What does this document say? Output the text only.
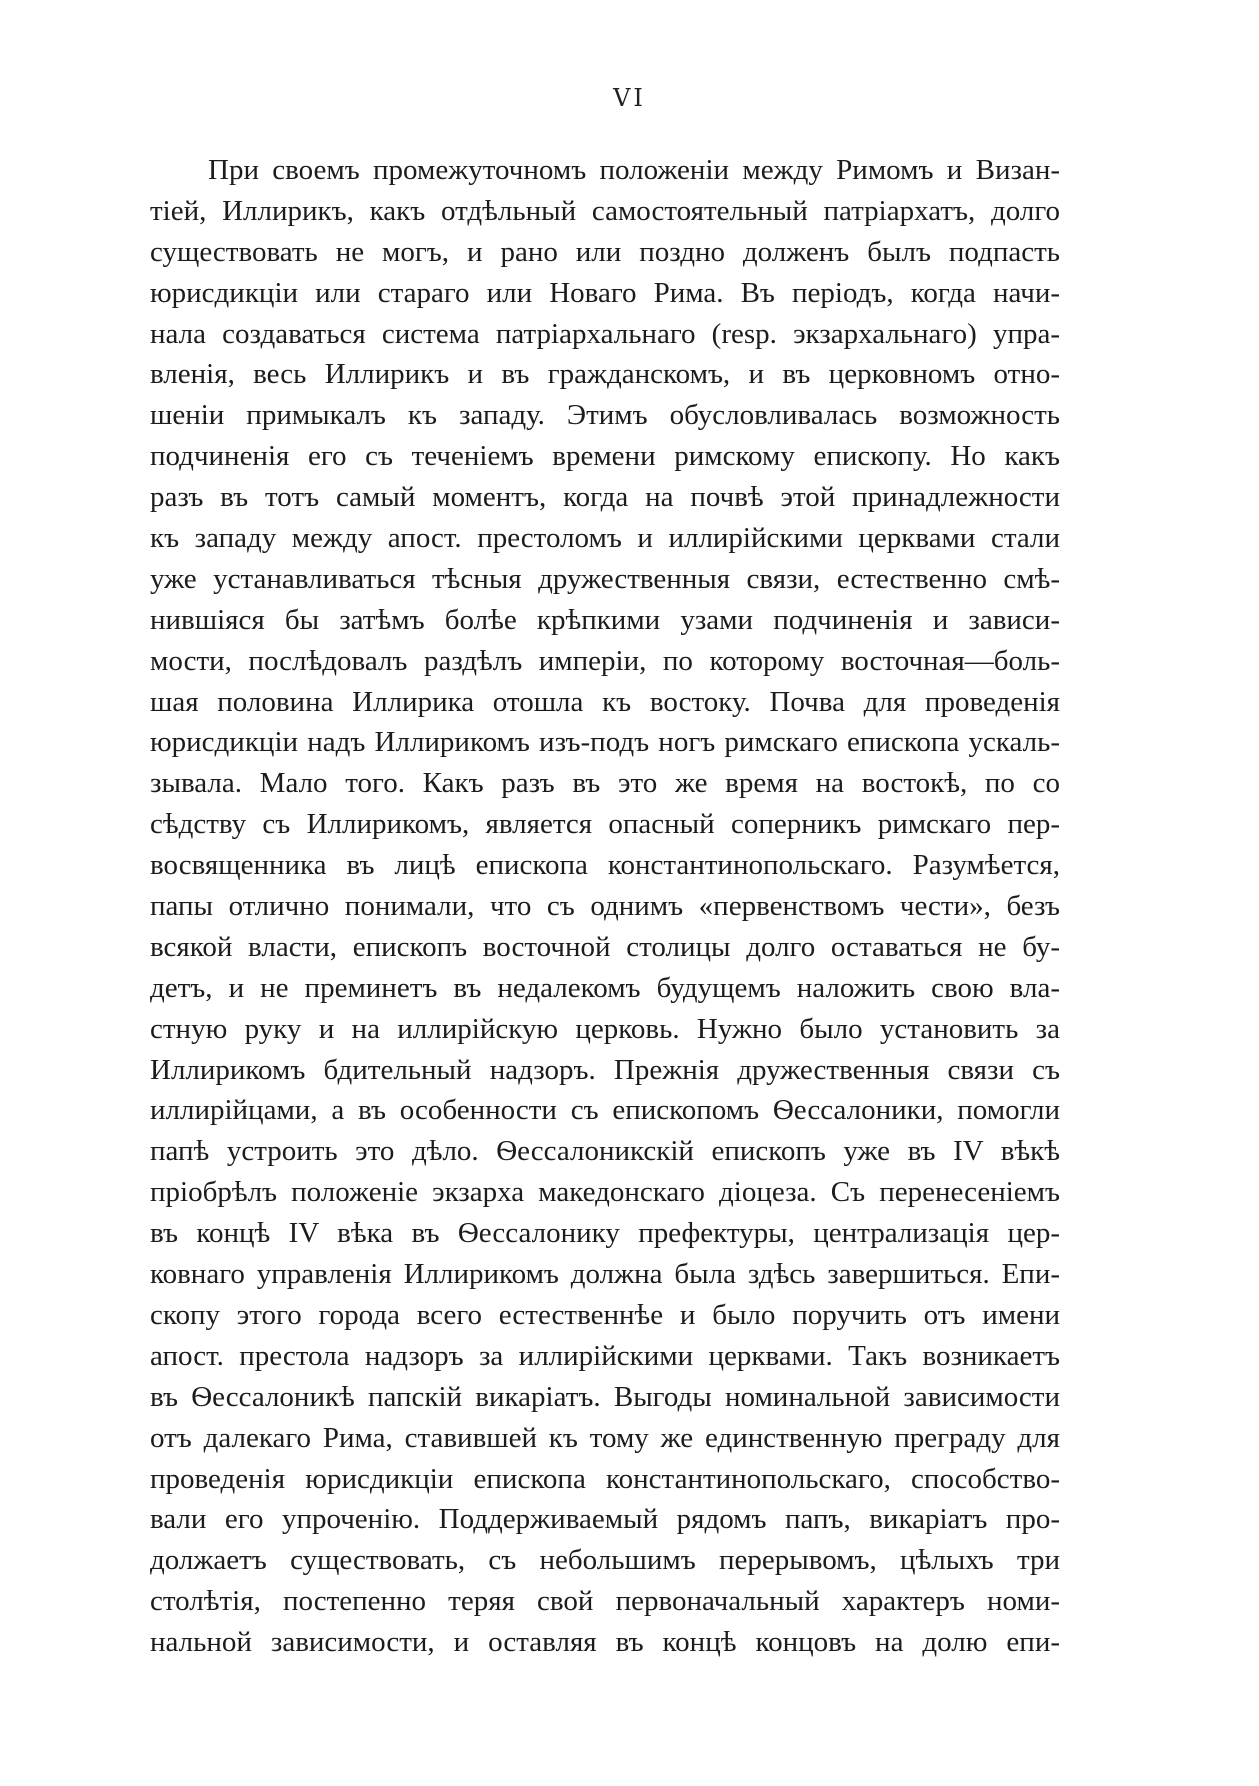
VI
При своемъ промежуточномъ положенiи между Римомъ и Визан-
тiей, Иллирикъ, какъ отдѣльный самостоятельный патрiархатъ, долго
существовать не могъ, и рано или поздно долженъ былъ подпасть
юрисдикцiи или стараго или Новаго Рима. Въ перiодъ, когда начи-
нала создаваться система патрiархальнаго (resp. экзархальнаго) упра-
вленiя, весь Иллирикъ и въ гражданскомъ, и въ церковномъ отно-
шенiи примыкалъ къ западу. Этимъ обусловливалась возможность
подчиненiя его съ теченiемъ времени римскому епископу. Но какъ
разъ въ тотъ самый моментъ, когда на почвѣ этой принадлежности
къ западу между апост. престоломъ и иллирiйскими церквами стали
уже устанавливаться тѣсныя дружественныя связи, естественно смѣ-
нившiяся бы затѣмъ болѣе крѣпкими узами подчиненiя и зависи-
мости, послѣдовалъ раздѣлъ имперiи, по которому восточная—боль-
шая половина Иллирика отошла къ востоку. Почва для проведенiя
юрисдикцiи надъ Иллирикомъ изъ-подъ ногъ римскаго епископа ускаль-
зывала. Мало того. Какъ разъ въ это же время на востокѣ, по со
сѣдству съ Иллирикомъ, является опасный соперникъ римскаго пер-
восвященника въ лицѣ епископа константинопольскаго. Разумѣется,
папы отлично понимали, что съ однимъ «первенствомъ чести», безъ
всякой власти, епископъ восточной столицы долго оставаться не бу-
детъ, и не преминетъ въ недалекомъ будущемъ наложить свою вла-
стную руку и на иллирiйскую церковь. Нужно было установить за
Иллирикомъ бдительный надзоръ. Прежнiя дружественныя связи съ
иллирiйцами, а въ особенности съ епископомъ Ѳессалоники, помогли
папѣ устроить это дѣло. Ѳессалоникскiй епископъ уже въ IV вѣкѣ
прiобрѣлъ положенiе экзарха македонскаго дiоцеза. Съ перенесенiемъ
въ концѣ IV вѣка въ Ѳессалонику префектуры, централизацiя цер-
ковнаго управленiя Иллирикомъ должна была здѣсь завершиться. Епи-
скопу этого города всего естественнѣе и было поручить отъ имени
апост. престола надзоръ за иллирiйскими церквами. Такъ возникаетъ
въ Ѳессалоникѣ папскiй викарiатъ. Выгоды номинальной зависимости
отъ далекаго Рима, ставившей къ тому же единственную преграду для
проведенiя юрисдикцiи епископа константинопольскаго, способство-
вали его упроченiю. Поддерживаемый рядомъ папъ, викарiатъ про-
должаетъ существовать, съ небольшимъ перерывомъ, цѣлыхъ три
столѣтiя, постепенно теряя свой первоначальный характеръ номи-
нальной зависимости, и оставляя въ концѣ концовъ на долю епи-
